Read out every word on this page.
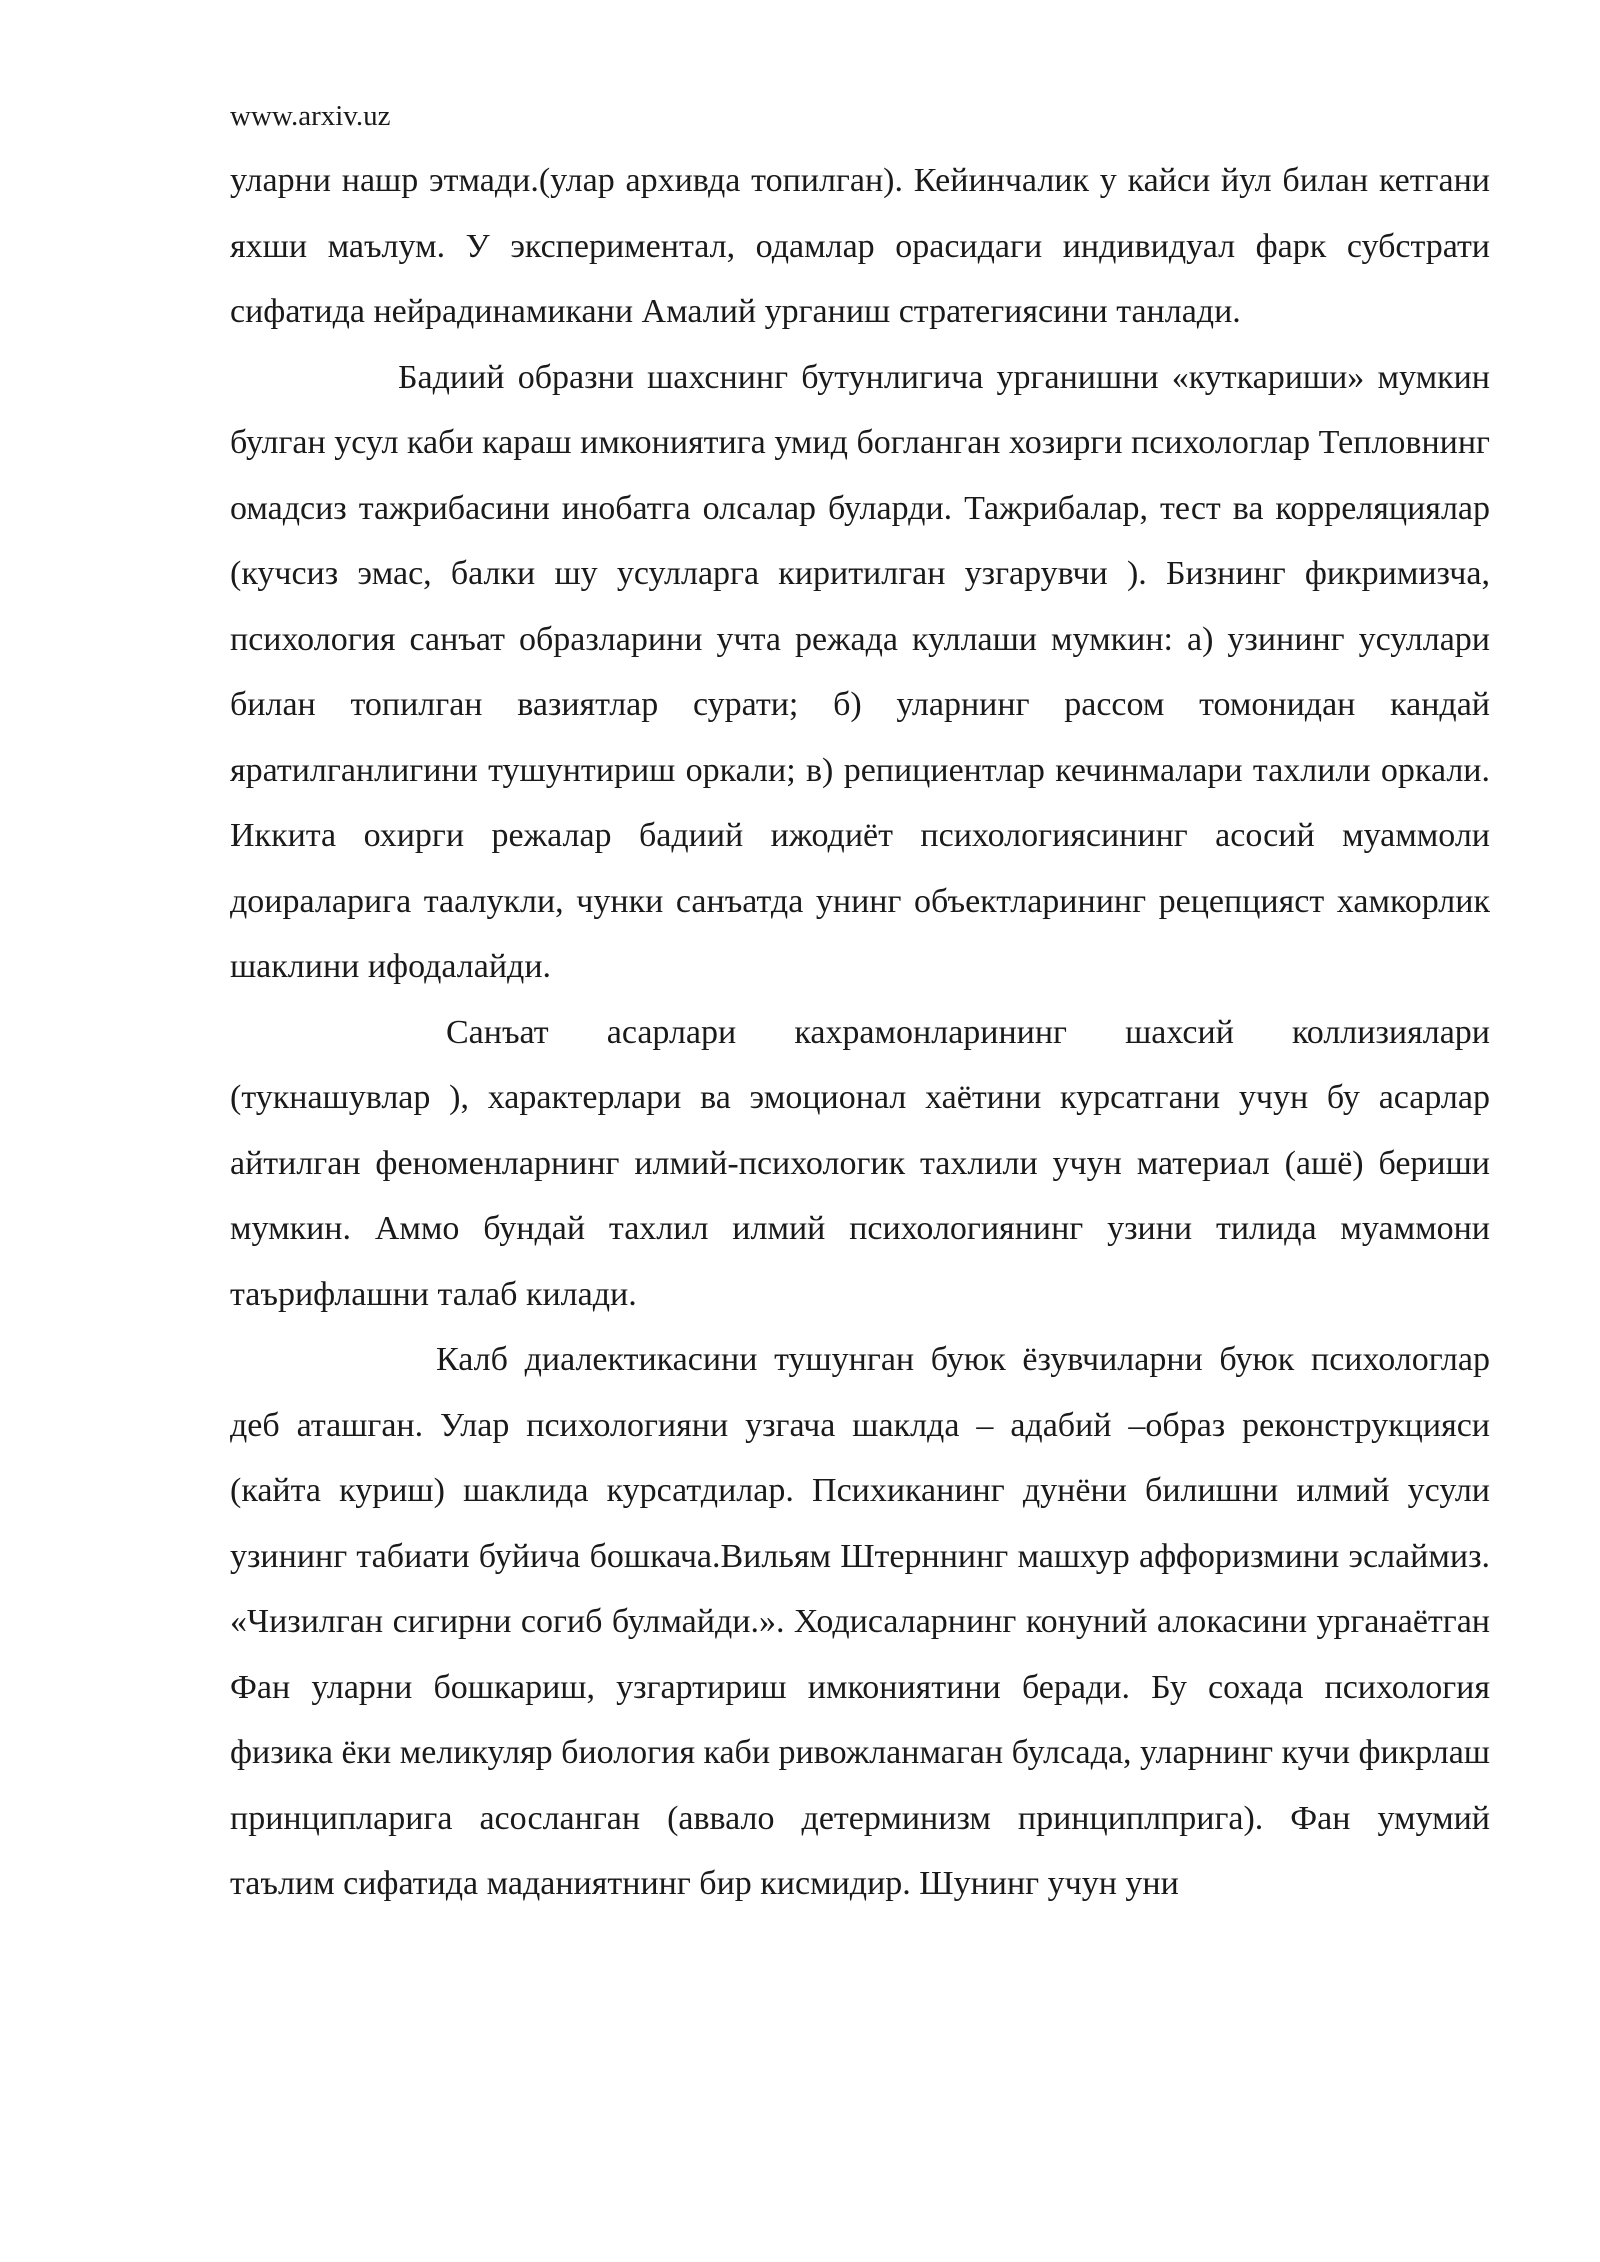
www.arxiv.uz

уларни нашр этмади.(улар архивда топилган). Кейинчалик у кайси йул билан кетгани яхши маълум. У экспериментал, одамлар орасидаги индивидуал фарк субстрати сифатида нейрадинамикани Амалий урганиш стратегиясини танлади.

Бадиий образни шахснинг бутунлигича урганишни «куткариши» мумкин булган усул каби караш имкониятига умид богланган хозирги психологлар Тепловнинг омадсиз тажрибасини инобатга олсалар буларди. Тажрибалар, тест ва корреляциялар (кучсиз эмас, балки шу усулларга киритилган узгарувчи ). Бизнинг фикримизча, психология санъат образларини учта режада куллаши мумкин: а) узининг усуллари билан топилган вазиятлар сурати; б) уларнинг рассом томонидан кандай яратилганлигини тушунтириш оркали; в) репициентлар кечинмалари тахлили оркали. Иккита охирги режалар бадиий ижодиёт психологиясининг асосий муаммоли доираларига таалукли, чунки санъатда унинг объектларининг рецепцияст хамкорлик шаклини ифодалайди.

Санъат асарлари кахрамонларининг шахсий коллизиялари (тукнашувлар ), характерлари ва эмоционал хаётини курсатгани учун бу асарлар айтилган феноменларнинг илмий-психологик тахлили учун материал (ашё) бериши мумкин. Аммо бундай тахлил илмий психологиянинг узини тилида муаммони таърифлашни талаб килади.

Калб диалектикасини тушунган буюк ёзувчиларни буюк психологлар деб аташган. Улар психологияни узгача шаклда – адабий –образ реконструкцияси (кайта куриш) шаклида курсатдилар. Психиканинг дунёни билишни илмий усули узининг табиати буйича бошкача.Вильям Штерннинг машхур аффоризмини эслаймиз. «Чизилган сигирни согиб булмайди.». Ходисаларнинг конуний алокасини урганаётган Фан уларни бошкариш, узгартириш имкониятини беради. Бу сохада психология физика ёки меликуляр биология каби ривожланмаган булсада, уларнинг кучи фикрлаш принципларига асосланган (аввало детерминизм принциплприга). Фан умумий таълим сифатида маданиятнинг бир кисмидир. Шунинг учун уни
